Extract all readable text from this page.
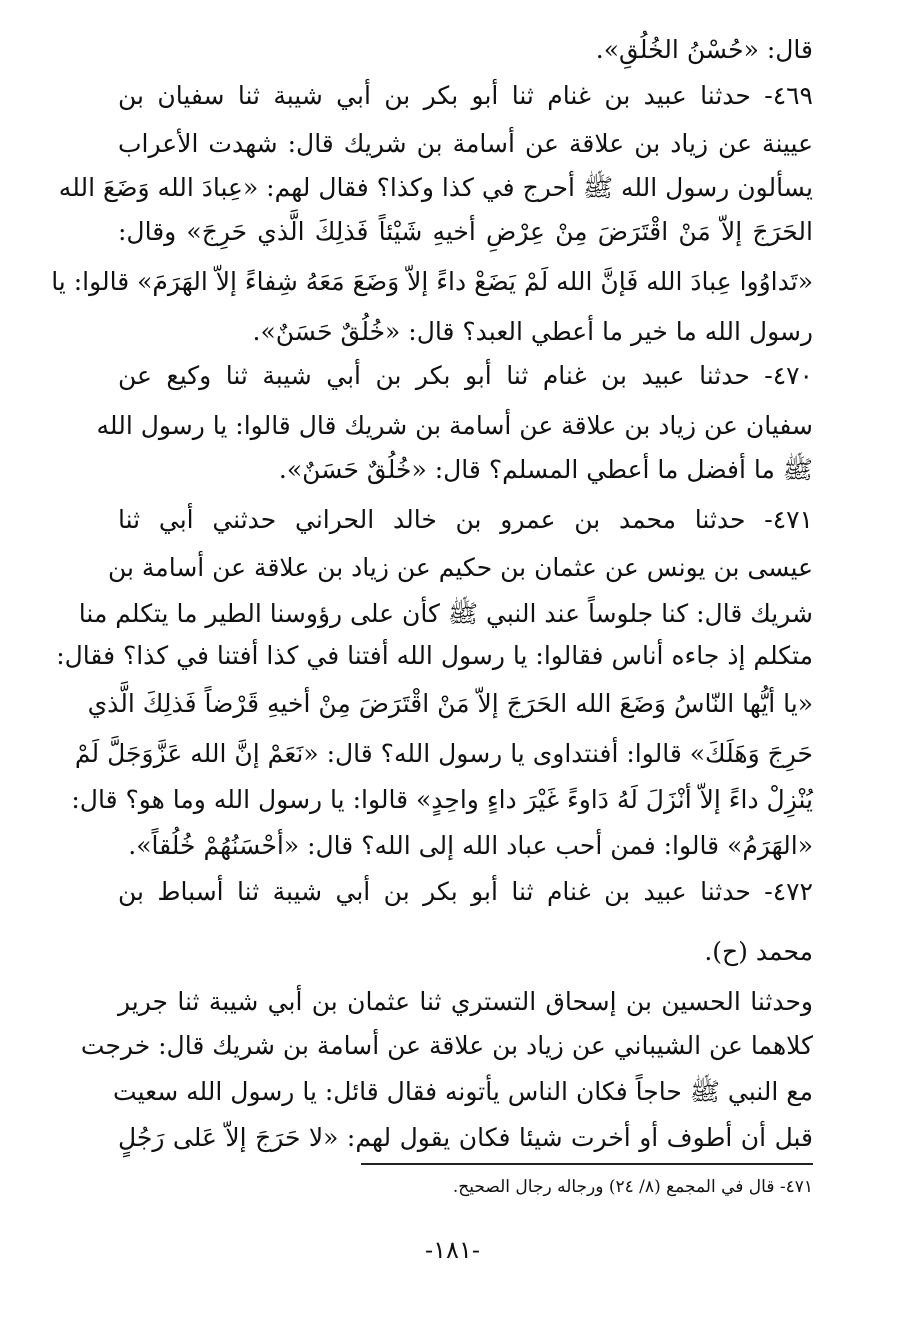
قال: «حُسْنُ الخُلُقِ».
٤٦٩- حدثنا عبيد بن غنام ثنا أبو بكر بن أبي شيبة ثنا سفيان بن
عيينة عن زياد بن علاقة عن أسامة بن شريك قال: شهدت الأعراب
يسألون رسول الله ﷺ أحرج في كذا وكذا؟ فقال لهم: «عِبادَ الله وَضَعَ الله
الحَرَجَ إلاّ مَنْ اقْتَرَضَ مِنْ عِرْضِ أخيهِ شَيْئاً فَذلِكَ الَّذي حَرِجَ» وقال:
«تَداوُوا عِبادَ الله فَإنَّ الله لَمْ يَضَعْ داءً إلاّ وَضَعَ مَعَهُ شِفاءً إلاّ الهَرَمَ» قالوا: يا
رسول الله ما خير ما أعطي العبد؟ قال: «خُلُقٌ حَسَنٌ».
٤٧٠- حدثنا عبيد بن غنام ثنا أبو بكر بن أبي شيبة ثنا وكيع عن
سفيان عن زياد بن علاقة عن أسامة بن شريك قال قالوا: يا رسول الله
ﷺ ما أفضل ما أعطي المسلم؟ قال: «خُلُقٌ حَسَنٌ».
٤٧١- حدثنا محمد بن عمرو بن خالد الحراني حدثني أبي ثنا
عيسى بن يونس عن عثمان بن حكيم عن زياد بن علاقة عن أسامة بن
شريك قال: كنا جلوساً عند النبي ﷺ كأن على رؤوسنا الطير ما يتكلم منا
متكلم إذ جاءه أناس فقالوا: يا رسول الله أفتنا في كذا أفتنا في كذا؟ فقال:
«يا أيُّها النّاسُ وَضَعَ الله الحَرَجَ إلاّ مَنْ اقْتَرَضَ مِنْ أخيهِ قَرْضاً فَذلِكَ الَّذي
حَرِجَ وَهَلَكَ» قالوا: أفنتداوى يا رسول الله؟ قال: «نَعَمْ إنَّ الله عَزَّوَجَلَّ لَمْ
يُنْزِلْ داءً إلاّ أنْزَلَ لَهُ دَاوءً غَيْرَ داءٍ واحِدٍ» قالوا: يا رسول الله وما هو؟ قال:
«الهَرَمُ» قالوا: فمن أحب عباد الله إلى الله؟ قال: «أحْسَنُهُمْ خُلُقاً».
٤٧٢- حدثنا عبيد بن غنام ثنا أبو بكر بن أبي شيبة ثنا أسباط بن
محمد (ح).
وحدثنا الحسين بن إسحاق التستري ثنا عثمان بن أبي شيبة ثنا جرير
كلاهما عن الشيباني عن زياد بن علاقة عن أسامة بن شريك قال: خرجت
مع النبي ﷺ حاجاً فكان الناس يأتونه فقال قائل: يا رسول الله سعيت
قبل أن أطوف أو أخرت شيئا فكان يقول لهم: «لا حَرَجَ إلاّ عَلى رَجُلٍ
٤٧١- قال في المجمع (٨/ ٢٤) ورجاله رجال الصحيح.
-١٨١-
